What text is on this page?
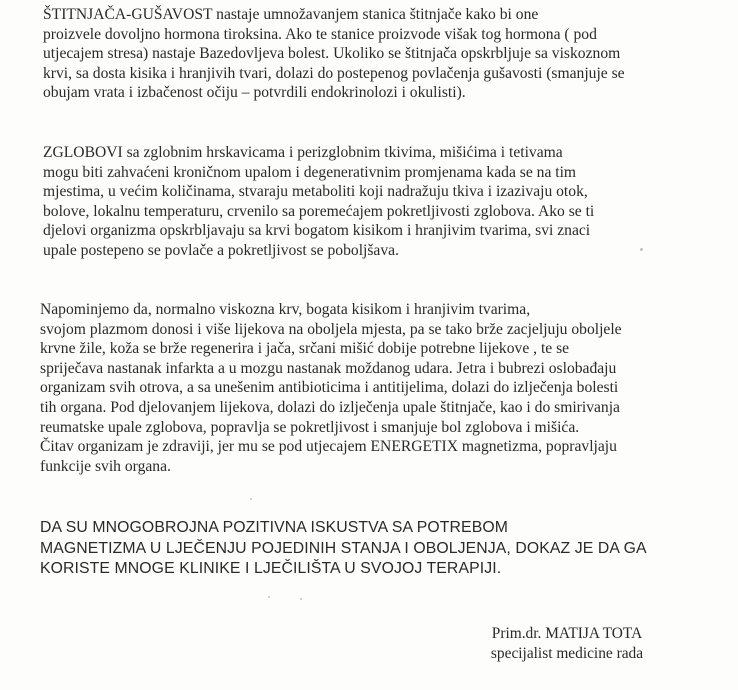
ŠTITNJAČA-GUŠAVOST nastaje umnožavanjem stanica štitnjače kako bi one
proizvele dovoljno hormona tiroksina. Ako te stanice proizvode višak tog hormona ( pod
utjecajem stresa) nastaje Bazedovljeva bolest. Ukoliko se štitnjača opskrbljuje sa viskoznom
krvi, sa dosta kisika i hranjivih tvari, dolazi do postepenog povlačenja gušavosti (smanjuje se
obujam vrata i izbačenost očiju – potvrdili endokrinolozi i okulisti).
ZGLOBOVI sa zglobnim hrskavicama i perizglobnim tkivima, mišićima i tetivama
mogu biti zahvaćeni kroničnom upalom i degenerativnim promjenama kada se na tim
mjestima, u većim količinama, stvaraju metaboliti koji nadražuju tkiva i izazivaju otok,
bolove, lokalnu temperaturu, crvenilo sa poremećajem pokretljivosti zglobova. Ako se ti
djelovi organizma opskrbljavaju sa krvi bogatom kisikom i hranjivim tvarima, svi znaci
upale postepeno se povlače a pokretljivost se poboljšava.
Napominjemo da, normalno viskozna krv, bogata kisikom i hranjivim tvarima,
svojom plazmom donosi i više lijekova na oboljela mjesta, pa se tako brže zacjeljuju oboljele
krvne žile, koža se brže regenerira i jača, srčani mišić dobije potrebne lijekove , te se
spriječava nastanak infarkta a u mozgu nastanak moždanog udara. Jetra i bubrezi oslobađaju
organizam svih otrova, a sa unešenim antibioticima i antitijelima, dolazi do izlječenja bolesti
tih organa. Pod djelovanjem lijekova, dolazi do izlječenja upale štitnjače, kao i do smirivanja
reumatske upale zglobova, popravlja se pokretljivost i smanjuje bol zglobova i mišića.
Čitav organizam je zdraviji, jer mu se pod utjecajem ENERGETIX magnetizma, popravljaju
funkcije svih organa.
DA SU MNOGOBROJNA POZITIVNA ISKUSTVA SA POTREBOM
MAGNETIZMA U LJEČENJU POJEDINIH STANJA I OBOLJENJA, DOKAZ JE DA GA
KORISTE MNOGE KLINIKE I LJEČILIŠTA U SVOJOJ TERAPIJI.
Prim.dr. MATIJA TOTA
specijalist medicine rada
